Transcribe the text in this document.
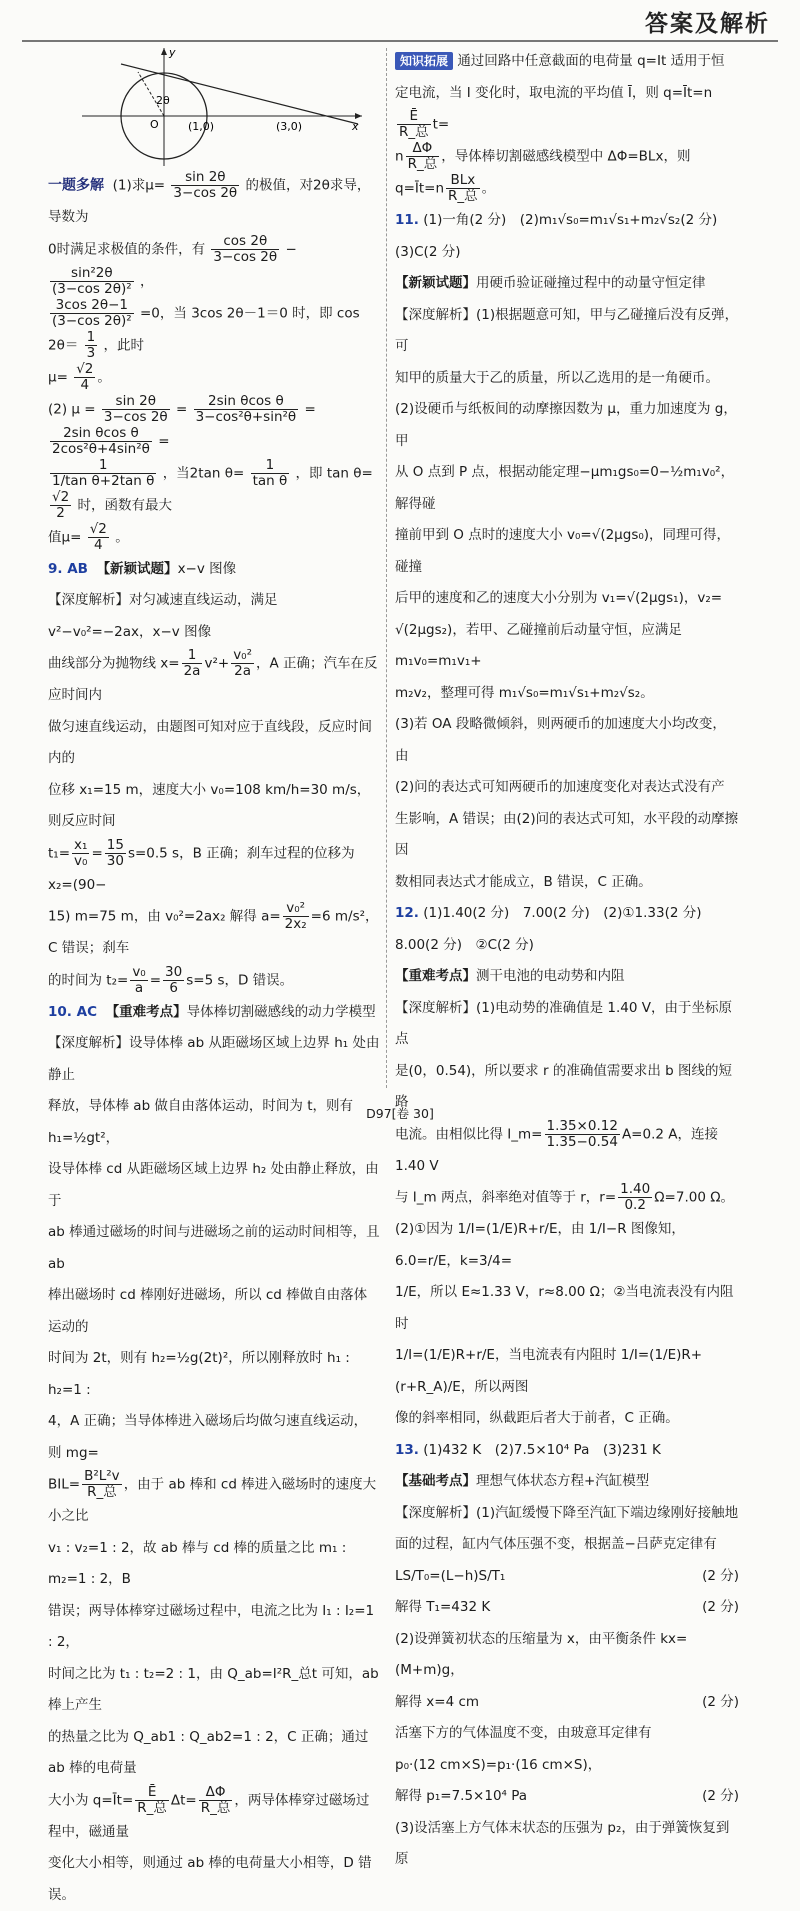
答案及解析
y
x
O	(1,0)	(3,0)
2θ

一题多解 (1)求$\mu= \frac{\sin 2\theta}{3-\cos 2\theta}$ 的极值，对2θ求导，导数为

0时满足求极值的条件，有 $\frac{\cos 2\theta}{3-\cos 2\theta}$ −
$\frac{\text{sin²2θ}}{\text{(3−cos 2θ)²}}$ ，

$\frac{3\cos 2\theta-1}{\text{(3−cos 2θ)²}} =0$，当 3cos 2θ－1＝0 时，即 $\cos 2\theta= \frac{1}{3}$ ，此时

$\mu= \frac{√2}{4}$ 。

(2) $\mu = \frac{\sin 2\theta}{3-\cos 2\theta} = \frac{\text{2sin θcos θ}}{\text{3−cos²θ+sin²θ}}$ =
$\frac{\text{2sin θcos θ}}{\text{2cos²θ+4sin²θ}}$ =

$\frac{1}{\text{1/tan θ+2tan θ}}$ ，当2tan $\theta= \frac{1}{\text{tan θ}}$ ，即 tan θ=
$\frac{√2}{2}$ 时，函数有最大

值$\mu= \frac{√2}{4}$ 。

9. AB 【新颖试题】x−v 图像

【深度解析】对匀减速直线运动，满足 v²−v₀²=−2ax，x−v 图像

曲线部分为抛物线 $x= \frac{1}{2a} v^2+ \frac{\text{v₀²}}{2a}$ ，A 正确；汽车在反应时间内

做匀速直线运动，由题图可知对应于直线段，反应时间内的

位移 x₁=15 m，速度大小 v₀=108 km/h=30 m/s，则反应时间

$t_1= \frac{\text{x₁}}{\text{v₀}} = \frac{15}{30} s=0.5$ s，B 正确；刹车过程的位移为 x₂=(90−

15) m=75 m，由 v₀²=2ax₂ 解得 $a= \frac{\text{v₀²}}{\text{2x₂}} =6$ m/s²，C 错误；刹车

的时间为 $t_2= \frac{\text{v₀}}{a} = \frac{30}{6} s=5$ s，D 错误。

10. AC 【重难考点】导体棒切割磁感线的动力学模型

【深度解析】设导体棒 ab 从距磁场区域上边界 h₁ 处由静止

释放，导体棒 ab 做自由落体运动，时间为 t，则有 h₁=½gt²，

设导体棒 cd 从距磁场区域上边界 h₂ 处由静止释放，由于

ab 棒通过磁场的时间与进磁场之前的运动时间相等，且 ab

棒出磁场时 cd 棒刚好进磁场，所以 cd 棒做自由落体运动的

时间为 2t，则有 h₂=½g(2t)²，所以刚释放时 h₁ : h₂=1 :

4，A 正确；当导体棒进入磁场后均做匀速直线运动，则 mg=

$BIL= \frac{\text{B²L²v}}{\text{R\_总}}$ ，由于 ab 棒和 cd 棒进入磁场时的速度大小之比

v₁ : v₂=1 : 2，故 ab 棒与 cd 棒的质量之比 m₁ : m₂=1 : 2，B

错误；两导体棒穿过磁场过程中，电流之比为 I₁ : I₂=1 : 2，

时间之比为 t₁ : t₂=2 : 1，由 Q_ab=I²R_总t 可知，ab 棒上产生

的热量之比为 Q_ab1 : Q_ab2=1 : 2，C 正确；通过 ab 棒的电荷量

大小为 q=Īt= $\frac{Ē}{\text{R\_总}} \Delta t= \frac{\Delta\Phi}{\text{R\_总}}$ ，两导体棒穿过磁场过程中，磁通量

变化大小相等，则通过 ab 棒的电荷量大小相等，D 错误。

知识拓展 通过回路中任意截面的电荷量 q=It 适用于恒

定电流，当 I 变化时，取电流的平均值 Ī，则 q=Īt=n
$\frac{Ē}{\text{R\_总}} t=$

n $\frac{\Delta\Phi}{\text{R\_总}}$ ，导体棒切割磁感线模型中 ΔΦ=BLx，则 q=Īt=n $\frac{\text{BLx}}{\text{R\_总}}$ 。

11. (1)一角(2 分)　(2)m₁√s₀=m₁√s₁+m₂√s₂(2 分)

(3)C(2 分)

【新颖试题】用硬币验证碰撞过程中的动量守恒定律

【深度解析】(1)根据题意可知，甲与乙碰撞后没有反弹，可

知甲的质量大于乙的质量，所以乙选用的是一角硬币。

(2)设硬币与纸板间的动摩擦因数为 μ，重力加速度为 g，甲

从 O 点到 P 点，根据动能定理−μm₁gs₀=0−½m₁v₀²，解得碰

撞前甲到 O 点时的速度大小 v₀=√(2μgs₀)，同理可得，碰撞

后甲的速度和乙的速度大小分别为 v₁=√(2μgs₁)，v₂=

√(2μgs₂)，若甲、乙碰撞前后动量守恒，应满足 m₁v₀=m₁v₁+

m₂v₂，整理可得 m₁√s₀=m₁√s₁+m₂√s₂。

(3)若 OA 段略微倾斜，则两硬币的加速度大小均改变，由

(2)问的表达式可知两硬币的加速度变化对表达式没有产

生影响，A 错误；由(2)问的表达式可知，水平段的动摩擦因

数相同表达式才能成立，B 错误，C 正确。

12. (1)1.40(2 分)　7.00(2 分)　(2)①1.33(2 分)

8.00(2 分)　②C(2 分)

【重难考点】测干电池的电动势和内阻

【深度解析】(1)电动势的准确值是 1.40 V，由于坐标原点

是(0，0.54)，所以要求 r 的准确值需要求出 b 图线的短路

电流。由相似比得 I_m= $\frac{1.35\times 0.12}{1.35-0.54} A=0.2$ A，连接 1.40 V

与 I_m 两点，斜率绝对值等于 r，$r= \frac{1.40}{0.2} \Omega=7.00$ Ω。

(2)①因为 1/I=(1/E)R+r/E，由 1/I−R 图像知，6.0=r/E，k=3/4=

1/E，所以 E≈1.33 V，r≈8.00 Ω；②当电流表没有内阻时

1/I=(1/E)R+r/E，当电流表有内阻时 1/I=(1/E)R+(r+R_A)/E，所以两图

像的斜率相同，纵截距后者大于前者，C 正确。

13. (1)432 K　(2)7.5×10⁴ Pa　(3)231 K

【基础考点】理想气体状态方程+汽缸模型

【深度解析】(1)汽缸缓慢下降至汽缸下端边缘刚好接触地

面的过程，缸内气体压强不变，根据盖−吕萨克定律有

LS/T₀=(L−h)S/T₁	(2 分)

解得 T₁=432 K	(2 分)

(2)设弹簧初状态的压缩量为 x，由平衡条件 kx=(M+m)g，

解得 x=4 cm	(2 分)

活塞下方的气体温度不变，由玻意耳定律有

p₀·(12 cm×S)=p₁·(16 cm×S)，

解得 p₁=7.5×10⁴ Pa	(2 分)

(3)设活塞上方气体末状态的压强为 p₂，由于弹簧恢复到原

D97[卷 30]
